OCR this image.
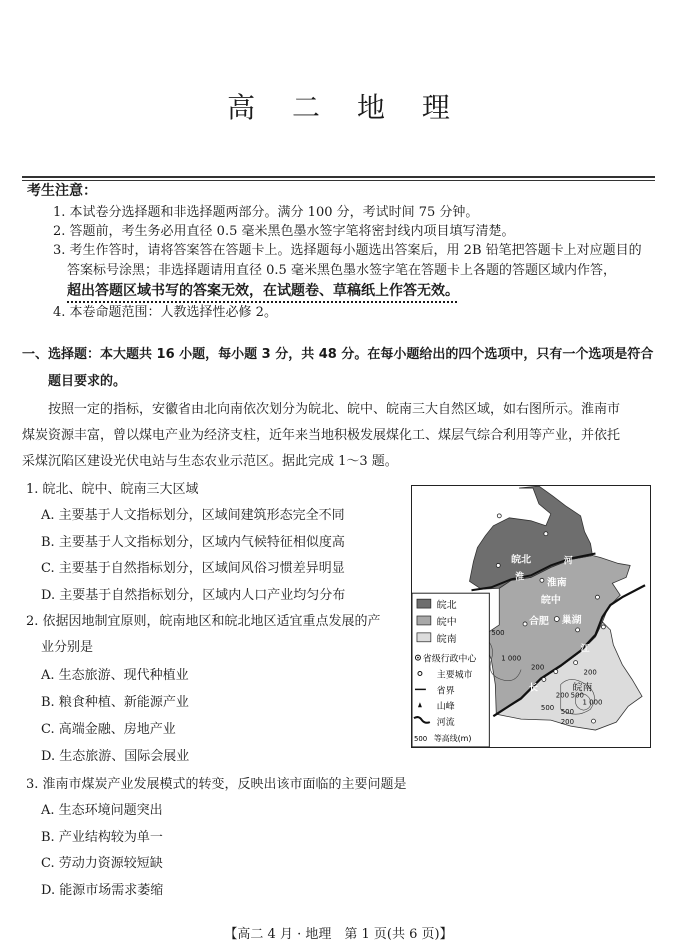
高 二 地 理
考生注意：
1. 本试卷分选择题和非选择题两部分。满分 100 分，考试时间 75 分钟。
2. 答题前，考生务必用直径 0.5 毫米黑色墨水签字笔将密封线内项目填写清楚。
3. 考生作答时，请将答案答在答题卡上。选择题每小题选出答案后，用 2B 铅笔把答题卡上对应题目的
答案标号涂黑；非选择题请用直径 0.5 毫米黑色墨水签字笔在答题卡上各题的答题区域内作答，
超出答题区域书写的答案无效，在试题卷、草稿纸上作答无效。
4. 本卷命题范围：人教选择性必修 2。
一、选择题：本大题共 16 小题，每小题 3 分，共 48 分。在每小题给出的四个选项中，只有一个选项是符合
题目要求的。
按照一定的指标，安徽省由北向南依次划分为皖北、皖中、皖南三大自然区域，如右图所示。淮南市
煤炭资源丰富，曾以煤电产业为经济支柱，近年来当地积极发展煤化工、煤层气综合利用等产业，并依托
采煤沉陷区建设光伏电站与生态农业示范区。据此完成 1～3 题。
1. 皖北、皖中、皖南三大区域
A. 主要基于人文指标划分，区域间建筑形态完全不同
B. 主要基于人文指标划分，区域内气候特征相似度高
C. 主要基于自然指标划分，区域间风俗习惯差异明显
D. 主要基于自然指标划分，区域内人口产业均匀分布
2. 依据因地制宜原则，皖南地区和皖北地区适宜重点发展的产
业分别是
A. 生态旅游、现代种植业
B. 粮食种植、新能源产业
C. 高端金融、房地产业
D. 生态旅游、国际会展业
3. 淮南市煤炭产业发展模式的转变，反映出该市面临的主要问题是
A. 生态环境问题突出
B. 产业结构较为单一
C. 劳动力资源较短缺
D. 能源市场需求萎缩
皖北
淮
河
淮南
皖中
合肥 巢湖
江
长	皖南
皖北
皖中
皖南
省级行政中心
主要城市
省界
山峰
河流
500 等高线(m)
500
1 000
200
200
200 500
1 000
500 500
200
【高二 4 月 · 地理　第 1 页(共 6 页)】
